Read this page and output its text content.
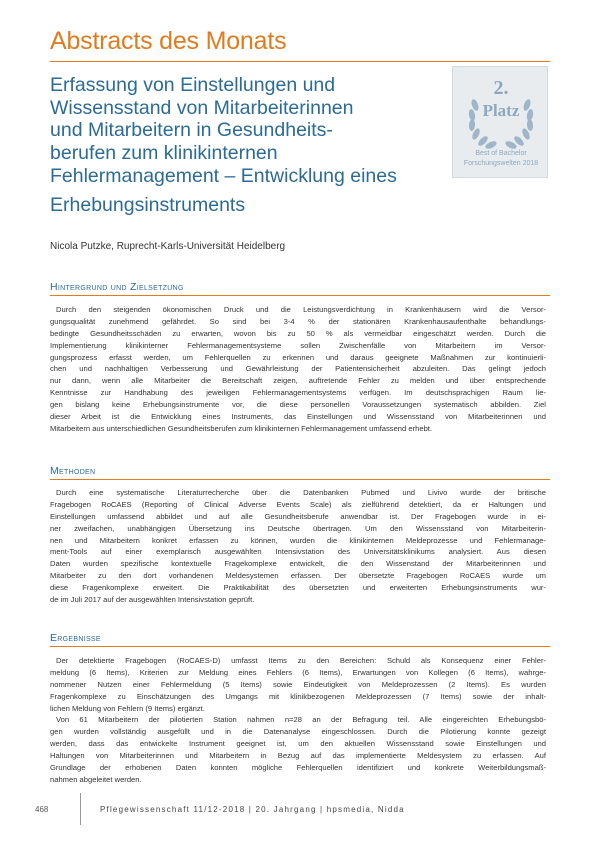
Abstracts des Monats
Erfassung von Einstellungen und
Wissensstand von Mitarbeiterinnen
und Mitarbeitern in Gesundheits-
berufen zum klinikinternen
Fehlermanagement – Entwicklung eines
Erhebungsinstruments
2.
Platz
Best of Bachelor
Forschungswelten 2018
Nicola Putzke, Ruprecht-Karls-Universität Heidelberg
Hintergrund und Zielsetzung
Durch den steigenden ökonomischen Druck und die Leistungsverdichtung in Krankenhäusern wird die Versor-
gungsqualität zunehmend gefährdet. So sind bei 3-4 % der stationären Krankenhausaufenthalte behandlungs-
bedingte Gesundheitsschäden zu erwarten, wovon bis zu 50 % als vermeidbar eingeschätzt werden. Durch die
Implementierung klinikinterner Fehlermanagementsysteme sollen Zwischenfälle von Mitarbeitern im Versor-
gungsprozess erfasst werden, um Fehlerquellen zu erkennen und daraus geeignete Maßnahmen zur kontinuierli-
chen und nachhaltigen Verbesserung und Gewährleistung der Patientensicherheit abzuleiten. Das gelingt jedoch
nur dann, wenn alle Mitarbeiter die Bereitschaft zeigen, auftretende Fehler zu melden und über entsprechende
Kenntnisse zur Handhabung des jeweiligen Fehlermanagementsystems verfügen. Im deutschsprachigen Raum lie-
gen bislang keine Erhebungsinstrumente vor, die diese personellen Voraussetzungen systematisch abbilden. Ziel
dieser Arbeit ist die Entwicklung eines Instruments, das Einstellungen und Wissensstand von Mitarbeiterinnen und
Mitarbeitern aus unterschiedlichen Gesundheitsberufen zum klinikinternen Fehlermanagement umfassend erhebt.
Methoden
Durch eine systematische Literaturrecherche über die Datenbanken Pubmed und Livivo wurde der britische
Fragebogen RoCAES (Reporting of Clinical Adverse Events Scale) als zielführend detektiert, da er Haltungen und
Einstellungen umfassend abbildet und auf alle Gesundheitsberufe anwendbar ist. Der Fragebogen wurde in ei-
ner zweifachen, unabhängigen Übersetzung ins Deutsche übertragen. Um den Wissensstand von Mitarbeiterin-
nen und Mitarbeitern konkret erfassen zu können, wurden die klinikinternen Meldeprozesse und Fehlermanage-
ment-Tools auf einer exemplarisch ausgewählten Intensivstation des Universitätsklinikums analysiert. Aus diesen
Daten wurden spezifische kontextuelle Fragekomplexe entwickelt, die den Wissenstand der Mitarbeiterinnen und
Mitarbeiter zu den dort vorhandenen Meldesystemen erfassen. Der übersetzte Fragebogen RoCAES wurde um
diese Fragenkomplexe erweitert. Die Praktikabilität des übersetzten und erweiterten Erhebungsinstruments wur-
de im Juli 2017 auf der ausgewählten Intensivstation geprüft.
Ergebnisse
Der detektierte Fragebogen (RoCAES-D) umfasst Items zu den Bereichen: Schuld als Konsequenz einer Fehler-
meldung (6 Items), Kriterien zur Meldung eines Fehlers (6 Items), Erwartungen von Kollegen (6 Items), wahrge-
nommener Nutzen einer Fehlermeldung (5 Items) sowie Eindeutigkeit von Meldeprozessen (2 Items). Es wurden
Fragenkomplexe zu Einschätzungen des Umgangs mit klinikbezogenen Meldeprozessen (7 Items) sowie der inhalt-
lichen Meldung von Fehlern (9 Items) ergänzt.
Von 61 Mitarbeitern der pilotierten Station nahmen n=28 an der Befragung teil. Alle eingereichten Erhebungsbö-
gen wurden vollständig ausgefüllt und in die Datenanalyse eingeschlossen. Durch die Pilotierung konnte gezeigt
werden, dass das entwickelte Instrument geeignet ist, um den aktuellen Wissensstand sowie Einstellungen und
Haltungen von Mitarbeiterinnen und Mitarbeitern in Bezug auf das implementierte Meldesystem zu erfassen. Auf
Grundlage der erhobenen Daten konnten mögliche Fehlerquellen identifiziert und konkrete Weiterbildungsmaß-
nahmen abgeleitet werden.
468	Pflegewissenschaft 11/12-2018 | 20. Jahrgang | hpsmedia, Nidda
